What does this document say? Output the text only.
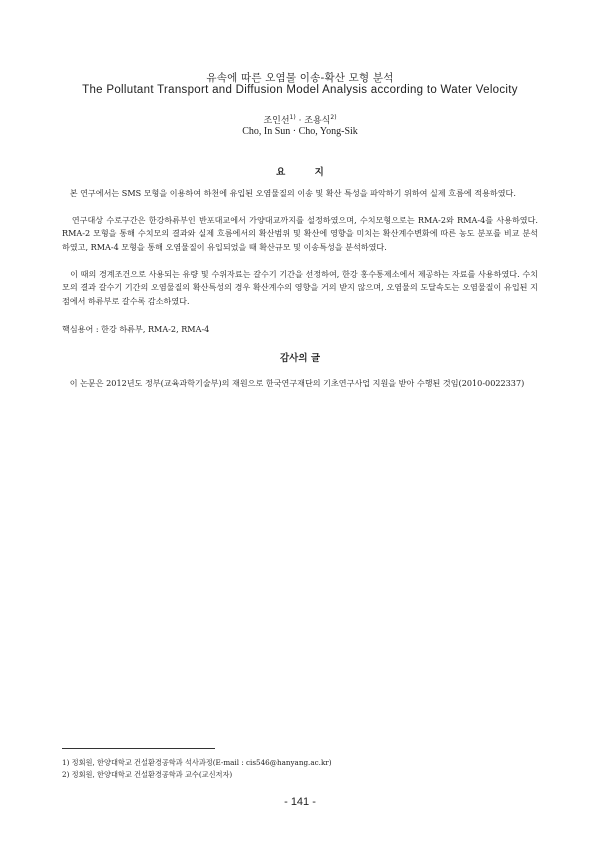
유속에 따른 오염물 이송-확산 모형 분석
The Pollutant Transport and Diffusion Model Analysis according to Water Velocity
조인선$^{1)}$ · 조용식$^{2)}$
Cho, In Sun · Cho, Yong-Sik
요 지

본 연구에서는 SMS 모형을 이용하여 하천에 유입된 오염물질의 이송 및 확산 특성을 파악하기 위하여 실제 흐름에 적용하였다.

연구대상 수로구간은 한강하류부인 반포대교에서 가양대교까지를 설정하였으며, 수치모형으로는 RMA-2와 RMA-4를 사용하였다. RMA-2 모형을 통해 수치모의 결과와 실제 흐름에서의 확산범위 및 확산에 영향을 미치는 확산계수변화에 따른 농도 분포를 비교 분석하였고, RMA-4 모형을 통해 오염물질이 유입되었을 때 확산규모 및 이송특성을 분석하였다.

이 때의 경계조건으로 사용되는 유량 및 수위자료는 갈수기 기간을 선정하여, 한강 홍수통제소에서 제공하는 자료를 사용하였다. 수치모의 결과 갈수기 기간의 오염물질의 확산특성의 경우 확산계수의 영향을 거의 받지 않으며, 오염물의 도달속도는 오염물질이 유입된 지점에서 하류부로 갈수록 감소하였다.

핵심용어 : 한강 하류부, RMA-2, RMA-4

감사의 글

이 논문은 2012년도 정부(교육과학기술부)의 재원으로 한국연구재단의 기초연구사업 지원을 받아 수행된 것임(2010-0022337)

1) 정회원, 한양대학교 건설환경공학과 석사과정(E-mail : cis546@hanyang.ac.kr)

2) 정회원, 한양대학교 건설환경공학과 교수(교신저자)

- 141 -
